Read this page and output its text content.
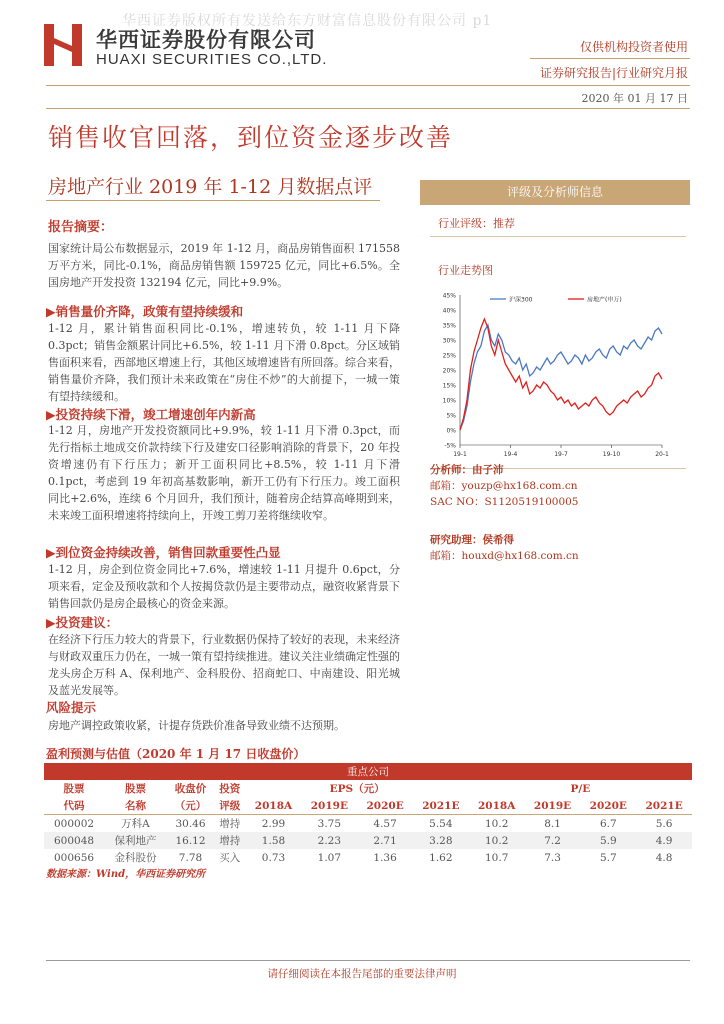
华西证券版权所有发送给东方财富信息股份有限公司 p1
华西证券股份有限公司
HUAXI SECURITIES CO.,LTD.
仅供机构投资者使用
证券研究报告|行业研究月报
2020 年 01 月 17 日
销售收官回落，到位资金逐步改善
房地产行业 2019 年 1-12 月数据点评
报告摘要：
国家统计局公布数据显示，2019 年 1-12 月，商品房销售面积 171558 万平方米，同比-0.1%，商品房销售额 159725 亿元，同比+6.5%。全国房地产开发投资 132194 亿元，同比+9.9%。
▶销售量价齐降，政策有望持续缓和
1-12 月，累计销售面积同比-0.1%，增速转负，较 1-11 月下降 0.3pct；销售金额累计同比+6.5%，较 1-11 月下滑 0.8pct。分区域销售面积来看，西部地区增速上行，其他区域增速皆有所回落。综合来看，销售量价齐降，我们预计未来政策在“房住不炒”的大前提下，一城一策有望持续缓和。
▶投资持续下滑，竣工增速创年内新高
1-12 月，房地产开发投资额同比+9.9%，较 1-11 月下滑 0.3pct，而先行指标土地成交价款持续下行及建安口径影响消除的背景下，20 年投资增速仍有下行压力；新开工面积同比+8.5%，较 1-11 月下滑 0.1pct，考虑到 19 年初高基数影响，新开工仍有下行压力。竣工面积同比+2.6%，连续 6 个月回升，我们预计，随着房企结算高峰期到来，未来竣工面积增速将持续向上，开竣工剪刀差将继续收窄。
▶到位资金持续改善，销售回款重要性凸显
1-12 月，房企到位资金同比+7.6%，增速较 1-11 月提升 0.6pct，分项来看，定金及预收款和个人按揭贷款仍是主要带动点，融资收紧背景下销售回款仍是房企最核心的资金来源。
▶投资建议：
在经济下行压力较大的背景下，行业数据仍保持了较好的表现，未来经济与财政双重压力仍在，一城一策有望持续推进。建议关注业绩确定性强的龙头房企万科 A、保利地产、金科股份、招商蛇口、中南建设、阳光城及蓝光发展等。
风险提示
房地产调控政策收紧，计提存货跌价准备导致业绩不达预期。
评级及分析师信息
行业评级：推荐
行业走势图
45%
40%
35%
30%
25%
20%
15%
10%
5%
0%
-5%
19-1	19-4	19-7	19-10	20-1
沪深300	房地产(申万)
分析师：由子沛
邮箱：youzp@hx168.com.cn
SAC NO：S1120519100005
研究助理：侯希得
邮箱：houxd@hx168.com.cn
盈利预测与估值（2020 年 1 月 17 日收盘价）
重点公司											
股票	股票	收盘价	投资	EPS（元）				P/E			
代码	名称	（元）	评级	2018A	2019E	2020E	2021E	2018A	2019E	2020E	2021E
000002	万科A	30.46	增持	2.99	3.75	4.57	5.54	10.2	8.1	6.7	5.6
600048	保利地产	16.12	增持	1.58	2.23	2.71	3.28	10.2	7.2	5.9	4.9
000656	金科股份	7.78	买入	0.73	1.07	1.36	1.62	10.7	7.3	5.7	4.8
数据来源：Wind，华西证券研究所
请仔细阅读在本报告尾部的重要法律声明
